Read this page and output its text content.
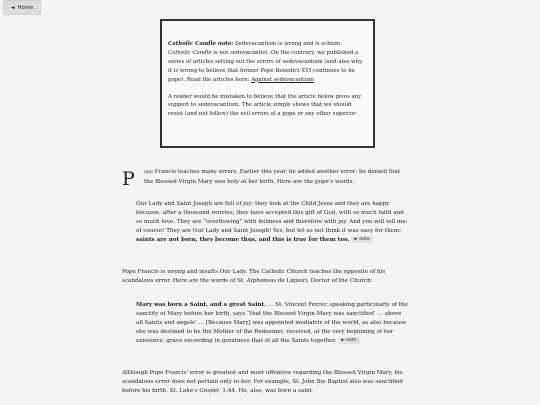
◄ Home

Catholic Candle note: Sedevacantism is wrong and is schism. Catholic Candle is not sedevacantist. On the contrary, we published a series of articles setting out the errors of sedevacantism (and also why it is wrong to believe that former Pope Benedict XVI continues to be pope). Read the articles here: Against sedevacantism

A reader would be mistaken to believe that the article below gives any support to sedevacantism. The article simply shows that we should resist (and not follow) the evil errors of a pope or any other superior.

P ope Francis teaches many errors. Earlier this year, he added another error: he denied that the Blessed Virgin Mary was holy at her birth. Here are the pope's words:

Our Lady and Saint Joseph are full of joy: they look at the Child Jesus and they are happy because, after a thousand worries, they have accepted this gift of God, with so much faith and so much love. They are “overflowing” with holiness and therefore with joy. And you will tell me: of course! They are Our Lady and Saint Joseph! Yes, but let us not think it was easy for them: saints are not born, they become thus, and this is true for them too. ► note

Pope Francis is wrong and insults Our Lady. The Catholic Church teaches the opposite of his scandalous error. Here are the words of St. Alphonsus de Liguori, Doctor of the Church:

Mary was born a Saint, and a great Saint. … St. Vincent Ferrer, speaking particularly of the sanctity of Mary before her birth, says “that the Blessed Virgin Mary was sanctified’ … above all Saints and angels’ … [Because Mary] was appointed mediatrix of the world, as also because she was destined to be the Mother of the Redeemer, received, at the very beginning of her existence, grace exceeding in greatness that of all the Saints together. ► note

Although Pope Francis' error is greatest and most offensive regarding the Blessed Virgin Mary, his scandalous error does not pertain only to her. For example, St. John the Baptist also was sanctified before his birth. St. Luke's Gospel, 1:44. He, also, was born a saint.
